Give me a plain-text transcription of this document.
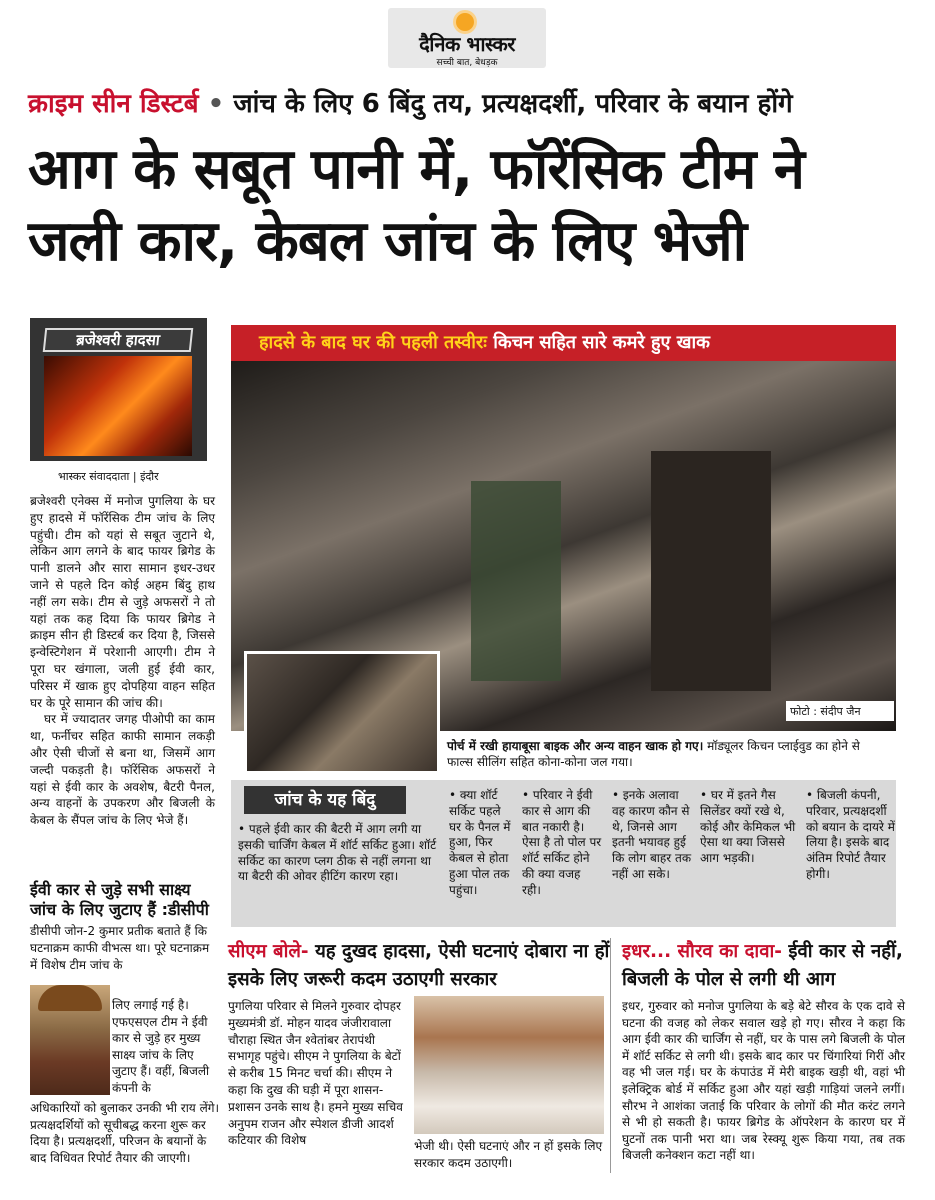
दैनिक भास्कर
सच्ची बात, बेधड़क
क्राइम सीन डिस्टर्ब • जांच के लिए 6 बिंदु तय, प्रत्यक्षदर्शी, परिवार के बयान होंगे
आग के सबूत पानी में, फॉरेंसिक टीम ने जली कार, केबल जांच के लिए भेजी
ब्रजेश्वरी हादसा
भास्कर संवाददाता | इंदौर

ब्रजेश्वरी एनेक्स में मनोज पुगलिया के घर हुए हादसे में फॉरेंसिक टीम जांच के लिए पहुंची। टीम को यहां से सबूत जुटाने थे, लेकिन आग लगने के बाद फायर ब्रिगेड के पानी डालने और सारा सामान इधर-उधर जाने से पहले दिन कोई अहम बिंदु हाथ नहीं लग सके। टीम से जुड़े अफसरों ने तो यहां तक कह दिया कि फायर ब्रिगेड ने क्राइम सीन ही डिस्टर्ब कर दिया है, जिससे इन्वेस्टिगेशन में परेशानी आएगी। टीम ने पूरा घर खंगाला, जली हुई ईवी कार, परिसर में खाक हुए दोपहिया वाहन सहित घर के पूरे सामान की जांच की।

घर में ज्यादातर जगह पीओपी का काम था, फर्नीचर सहित काफी सामान लकड़ी और ऐसी चीजों से बना था, जिसमें आग जल्दी पकड़ती है। फॉरेंसिक अफसरों ने यहां से ईवी कार के अवशेष, बैटरी पैनल, अन्य वाहनों के उपकरण और बिजली के केबल के सैंपल जांच के लिए भेजे हैं।

ईवी कार से जुड़े सभी साक्ष्य जांच के लिए जुटाए हैं :डीसीपी
डीसीपी जोन-2 कुमार प्रतीक बताते हैं कि घटनाक्रम काफी वीभत्स था। पूरे घटनाक्रम में विशेष टीम जांच के
लिए लगाई गई है। एफएसएल टीम ने ईवी कार से जुड़े हर मुख्य साक्ष्य जांच के लिए जुटाए हैं। वहीं, बिजली कंपनी के
अधिकारियों को बुलाकर उनकी भी राय लेंगे। प्रत्यक्षदर्शियों को सूचीबद्ध करना शुरू कर दिया है। प्रत्यक्षदर्शी, परिजन के बयानों के बाद विधिवत रिपोर्ट तैयार की जाएगी।
हादसे के बाद घर की पहली तस्वीरः किचन सहित सारे कमरे हुए खाक
फोटो : संदीप जैन
पोर्च में रखी हायाबूसा बाइक और अन्य वाहन खाक हो गए। मॉड्यूलर किचन प्लाईवुड का होने से फाल्स सीलिंग सहित कोना-कोना जल गया।
जांच के यह बिंदु
• पहले ईवी कार की बैटरी में आग लगी या इसकी चार्जिंग केबल में शॉर्ट सर्किट हुआ। शॉर्ट सर्किट का कारण प्लग ठीक से नहीं लगना था या बैटरी की ओवर हीटिंग कारण रहा।
• क्या शॉर्ट सर्किट पहले घर के पैनल में हुआ, फिर केबल से होता हुआ पोल तक पहुंचा।
• परिवार ने ईवी कार से आग की बात नकारी है। ऐसा है तो पोल पर शॉर्ट सर्किट होने की क्या वजह रही।
• इनके अलावा वह कारण कौन से थे, जिनसे आग इतनी भयावह हुई कि लोग बाहर तक नहीं आ सके।
• घर में इतने गैस सिलेंडर क्यों रखे थे, कोई और केमिकल भी ऐसा था क्या जिससे आग भड़की।
• बिजली कंपनी, परिवार, प्रत्यक्षदर्शी को बयान के दायरे में लिया है। इसके बाद अंतिम रिपोर्ट तैयार होगी।
सीएम बोले- यह दुखद हादसा, ऐसी घटनाएं दोबारा ना हों इसके लिए जरूरी कदम उठाएगी सरकार
पुगलिया परिवार से मिलने गुरुवार दोपहर मुख्यमंत्री डॉ. मोहन यादव जंजीरावाला चौराहा स्थित जैन श्वेतांबर तेरापंथी सभागृह पहुंचे। सीएम ने पुगलिया के बेटों से करीब 15 मिनट चर्चा की। सीएम ने कहा कि दुख की घड़ी में पूरा शासन-प्रशासन उनके साथ है। हमने मुख्य सचिव अनुपम राजन और स्पेशल डीजी आदर्श कटियार की विशेष	भेजी थी। ऐसी घटनाएं और न हों इसके लिए सरकार कदम उठाएगी।
इधर... सौरव का दावा- ईवी कार से नहीं, बिजली के पोल से लगी थी आग
इधर, गुरुवार को मनोज पुगलिया के बड़े बेटे सौरव के एक दावे से घटना की वजह को लेकर सवाल खड़े हो गए। सौरव ने कहा कि आग ईवी कार की चार्जिंग से नहीं, घर के पास लगे बिजली के पोल में शॉर्ट सर्किट से लगी थी। इसके बाद कार पर चिंगारियां गिरीं और वह भी जल गई। घर के कंपाउंड में मेरी बाइक खड़ी थी, वहां भी इलेक्ट्रिक बोर्ड में सर्किट हुआ और यहां खड़ी गाड़ियां जलने लगीं। सौरभ ने आशंका जताई कि परिवार के लोगों की मौत करंट लगने से भी हो सकती है। फायर ब्रिगेड के ऑपरेशन के कारण घर में घुटनों तक पानी भरा था। जब रेस्क्यू शुरू किया गया, तब तक बिजली कनेक्शन कटा नहीं था।
